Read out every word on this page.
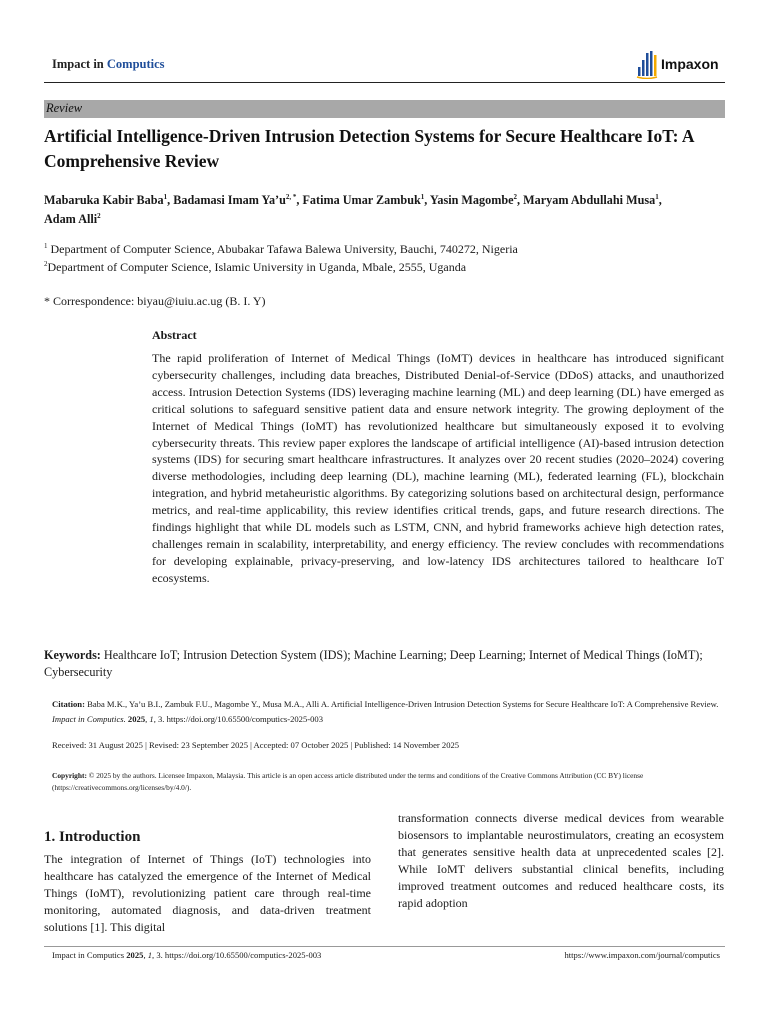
Impact in Computics	Impaxon
Review
Artificial Intelligence-Driven Intrusion Detection Systems for Secure Healthcare IoT: A Comprehensive Review
Mabaruka Kabir Baba$^1$, Badamasi Imam $Ya’u^{2, *}$, Fatima Umar Zambuk$^1$, Yasin Magombe$^2$, Maryam Abdullahi Musa$^1$,
Adam Alli$^2$
$^1$ Department of Computer Science, Abubakar Tafawa Balewa University, Bauchi, 740272, Nigeria
$^2$Department of Computer Science, Islamic University in Uganda, Mbale, 2555, Uganda
* Correspondence: biyau@iuiu.ac.ug (B. I. Y)
Abstract
The rapid proliferation of Internet of Medical Things (IoMT) devices in healthcare has introduced significant cybersecurity challenges, including data breaches, Distributed Denial-of-Service (DDoS) attacks, and unauthorized access. Intrusion Detection Systems (IDS) leveraging machine learning (ML) and deep learning (DL) have emerged as critical solutions to safeguard sensitive patient data and ensure network integrity. The growing deployment of the Internet of Medical Things (IoMT) has revolutionized healthcare but simultaneously exposed it to evolving cybersecurity threats. This review paper explores the landscape of artificial intelligence (AI)-based intrusion detection systems (IDS) for securing smart healthcare infrastructures. It analyzes over 20 recent studies (2020–2024) covering diverse methodologies, including deep learning (DL), machine learning (ML), federated learning (FL), blockchain integration, and hybrid metaheuristic algorithms. By categorizing solutions based on architectural design, performance metrics, and real-time applicability, this review identifies critical trends, gaps, and future research directions. The findings highlight that while DL models such as LSTM, CNN, and hybrid frameworks achieve high detection rates, challenges remain in scalability, interpretability, and energy efficiency. The review concludes with recommendations for developing explainable, privacy-preserving, and low-latency IDS architectures tailored to healthcare IoT ecosystems.
Keywords: Healthcare IoT; Intrusion Detection System (IDS); Machine Learning; Deep Learning; Internet of Medical Things (IoMT); Cybersecurity
Citation: Baba M.K., Ya’u B.I., Zambuk F.U., Magombe Y., Musa M.A., Alli A. Artificial Intelligence-Driven Intrusion Detection Systems for Secure Healthcare IoT: A Comprehensive Review. Impact in Computics. 2025, 1, 3. https://doi.org/10.65500/computics-2025-003
Received: 31 August 2025 | Revised: 23 September 2025 | Accepted: 07 October 2025 | Published: 14 November 2025
Copyright: © 2025 by the authors. Licensee Impaxon, Malaysia. This article is an open access article distributed under the terms and conditions of the Creative Commons Attribution (CC BY) license (https://creativecommons.org/licenses/by/4.0/).
1. Introduction
The integration of Internet of Things (IoT) technologies into healthcare has catalyzed the emergence of the Internet of Medical Things (IoMT), revolutionizing patient care through real-time monitoring, automated diagnosis, and data-driven treatment solutions [1]. This digital
transformation connects diverse medical devices from wearable biosensors to implantable neurostimulators, creating an ecosystem that generates sensitive health data at unprecedented scales [2]. While IoMT delivers substantial clinical benefits, including improved treatment outcomes and reduced healthcare costs, its rapid adoption
Impact in Computics 2025, 1, 3. https://doi.org/10.65500/computics-2025-003	https://www.impaxon.com/journal/computics
